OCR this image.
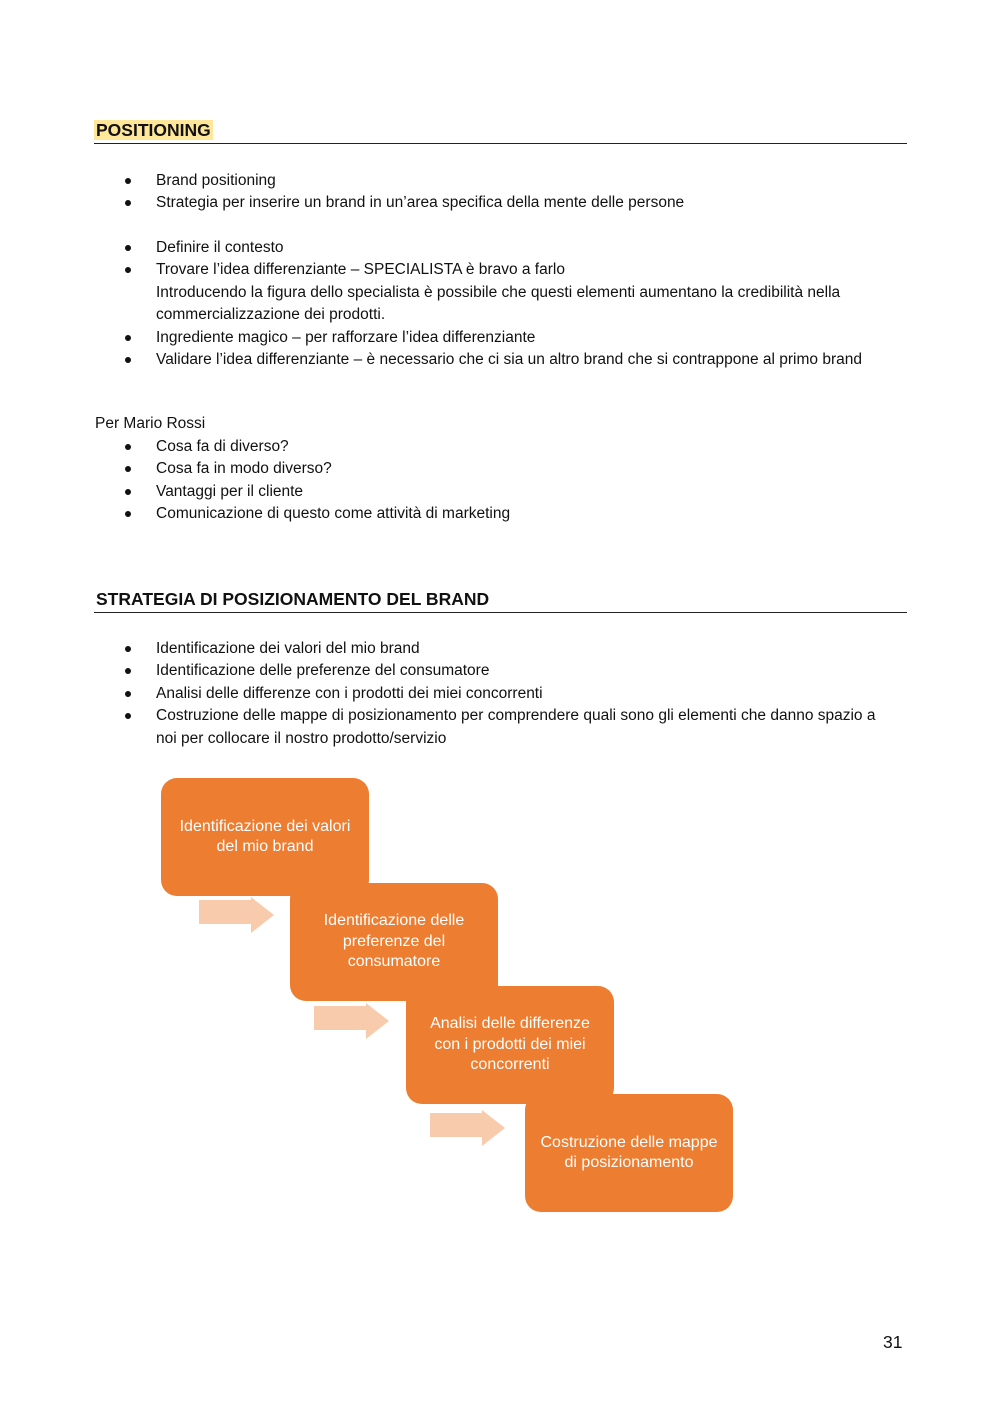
POSITIONING
Brand positioning
Strategia per inserire un brand in un’area specifica della mente delle persone
Definire il contesto
Trovare l’idea differenziante – SPECIALISTA è bravo a farlo
Introducendo la figura dello specialista è possibile che questi elementi aumentano la credibilità nella commercializzazione dei prodotti.
Ingrediente magico – per rafforzare l’idea differenziante
Validare l’idea differenziante – è necessario che ci sia un altro brand che si contrappone al primo brand
Per Mario Rossi
Cosa fa di diverso?
Cosa fa in modo diverso?
Vantaggi per il cliente
Comunicazione di questo come attività di marketing
STRATEGIA DI POSIZIONAMENTO DEL BRAND
Identificazione dei valori del mio brand
Identificazione delle preferenze del consumatore
Analisi delle differenze con i prodotti dei miei concorrenti
Costruzione delle mappe di posizionamento per comprendere quali sono gli elementi che danno spazio a noi per collocare il nostro prodotto/servizio
Identificazione dei valori del mio brand
Identificazione delle preferenze del consumatore
Analisi delle differenze con i prodotti dei miei concorrenti
Costruzione delle mappe di posizionamento
31
